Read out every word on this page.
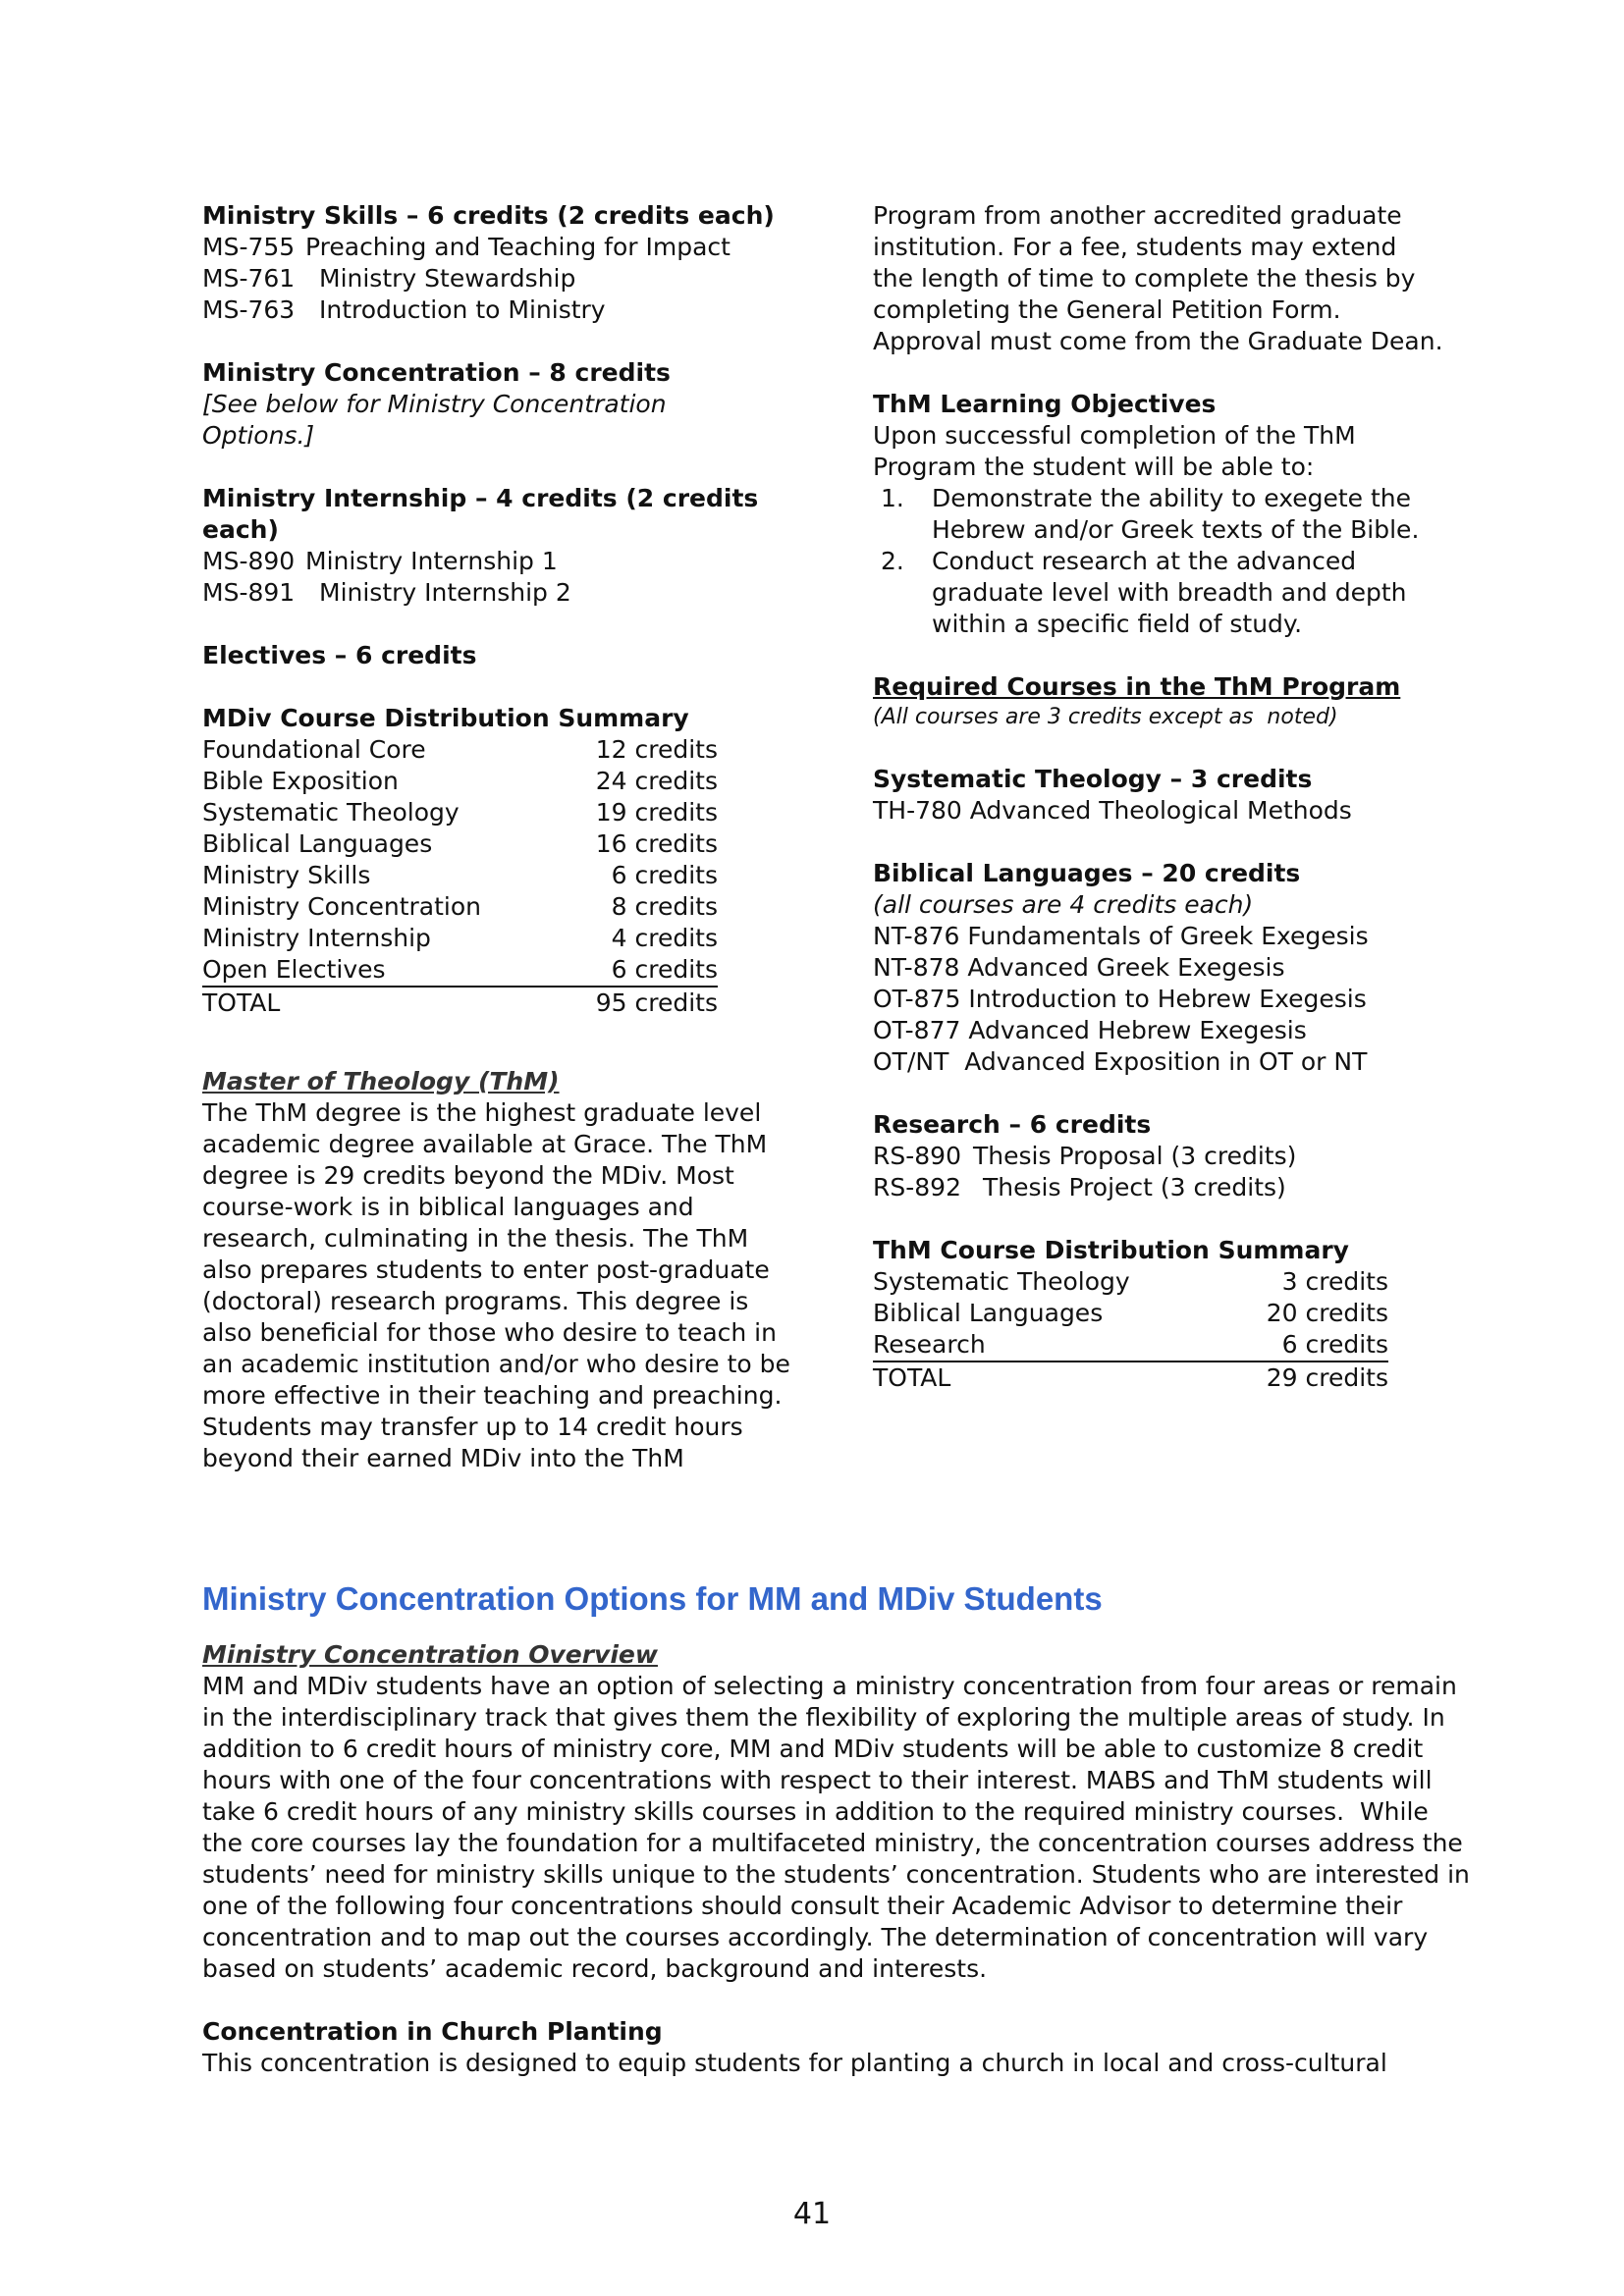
Ministry Skills – 6 credits (2 credits each)
MS-755 Preaching and Teaching for Impact
MS-761 Ministry Stewardship
MS-763 Introduction to Ministry
Ministry Concentration – 8 credits
[See below for Ministry Concentration
Options.]
Ministry Internship – 4 credits (2 credits
each)
MS-890 Ministry Internship 1
MS-891 Ministry Internship 2
Electives – 6 credits
MDiv Course Distribution Summary
Foundational Core	12 credits
Bible Exposition	24 credits
Systematic Theology	19 credits
Biblical Languages	16 credits
Ministry Skills	6 credits
Ministry Concentration	8 credits
Ministry Internship	4 credits
Open Electives	6 credits
TOTAL	95 credits
Master of Theology (ThM)
The ThM degree is the highest graduate level
academic degree available at Grace. The ThM
degree is 29 credits beyond the MDiv. Most
course-work is in biblical languages and
research, culminating in the thesis. The ThM
also prepares students to enter post-graduate
(doctoral) research programs. This degree is
also beneficial for those who desire to teach in
an academic institution and/or who desire to be
more effective in their teaching and preaching.
Students may transfer up to 14 credit hours
beyond their earned MDiv into the ThM
Program from another accredited graduate
institution. For a fee, students may extend
the length of time to complete the thesis by
completing the General Petition Form.
Approval must come from the Graduate Dean.
ThM Learning Objectives
Upon successful completion of the ThM
Program the student will be able to:
1.	Demonstrate the ability to exegete the
Hebrew and/or Greek texts of the Bible.
2.	Conduct research at the advanced
graduate level with breadth and depth
within a specific field of study.
Required Courses in the ThM Program
(All courses are 3 credits except as  noted)
Systematic Theology – 3 credits
TH-780 Advanced Theological Methods
Biblical Languages – 20 credits
(all courses are 4 credits each)
NT-876 Fundamentals of Greek Exegesis
NT-878 Advanced Greek Exegesis
OT-875 Introduction to Hebrew Exegesis
OT-877 Advanced Hebrew Exegesis
OT/NT  Advanced Exposition in OT or NT
Research – 6 credits
RS-890 Thesis Proposal (3 credits)
RS-892 Thesis Project (3 credits)
ThM Course Distribution Summary
Systematic Theology	3 credits
Biblical Languages	20 credits
Research	6 credits
TOTAL	29 credits
Ministry Concentration Options for MM and MDiv Students
Ministry Concentration Overview
MM and MDiv students have an option of selecting a ministry concentration from four areas or remain
in the interdisciplinary track that gives them the flexibility of exploring the multiple areas of study. In
addition to 6 credit hours of ministry core, MM and MDiv students will be able to customize 8 credit
hours with one of the four concentrations with respect to their interest. MABS and ThM students will
take 6 credit hours of any ministry skills courses in addition to the required ministry courses.  While
the core courses lay the foundation for a multifaceted ministry, the concentration courses address the
students’ need for ministry skills unique to the students’ concentration. Students who are interested in
one of the following four concentrations should consult their Academic Advisor to determine their
concentration and to map out the courses accordingly. The determination of concentration will vary
based on students’ academic record, background and interests.
Concentration in Church Planting
This concentration is designed to equip students for planting a church in local and cross-cultural
41
